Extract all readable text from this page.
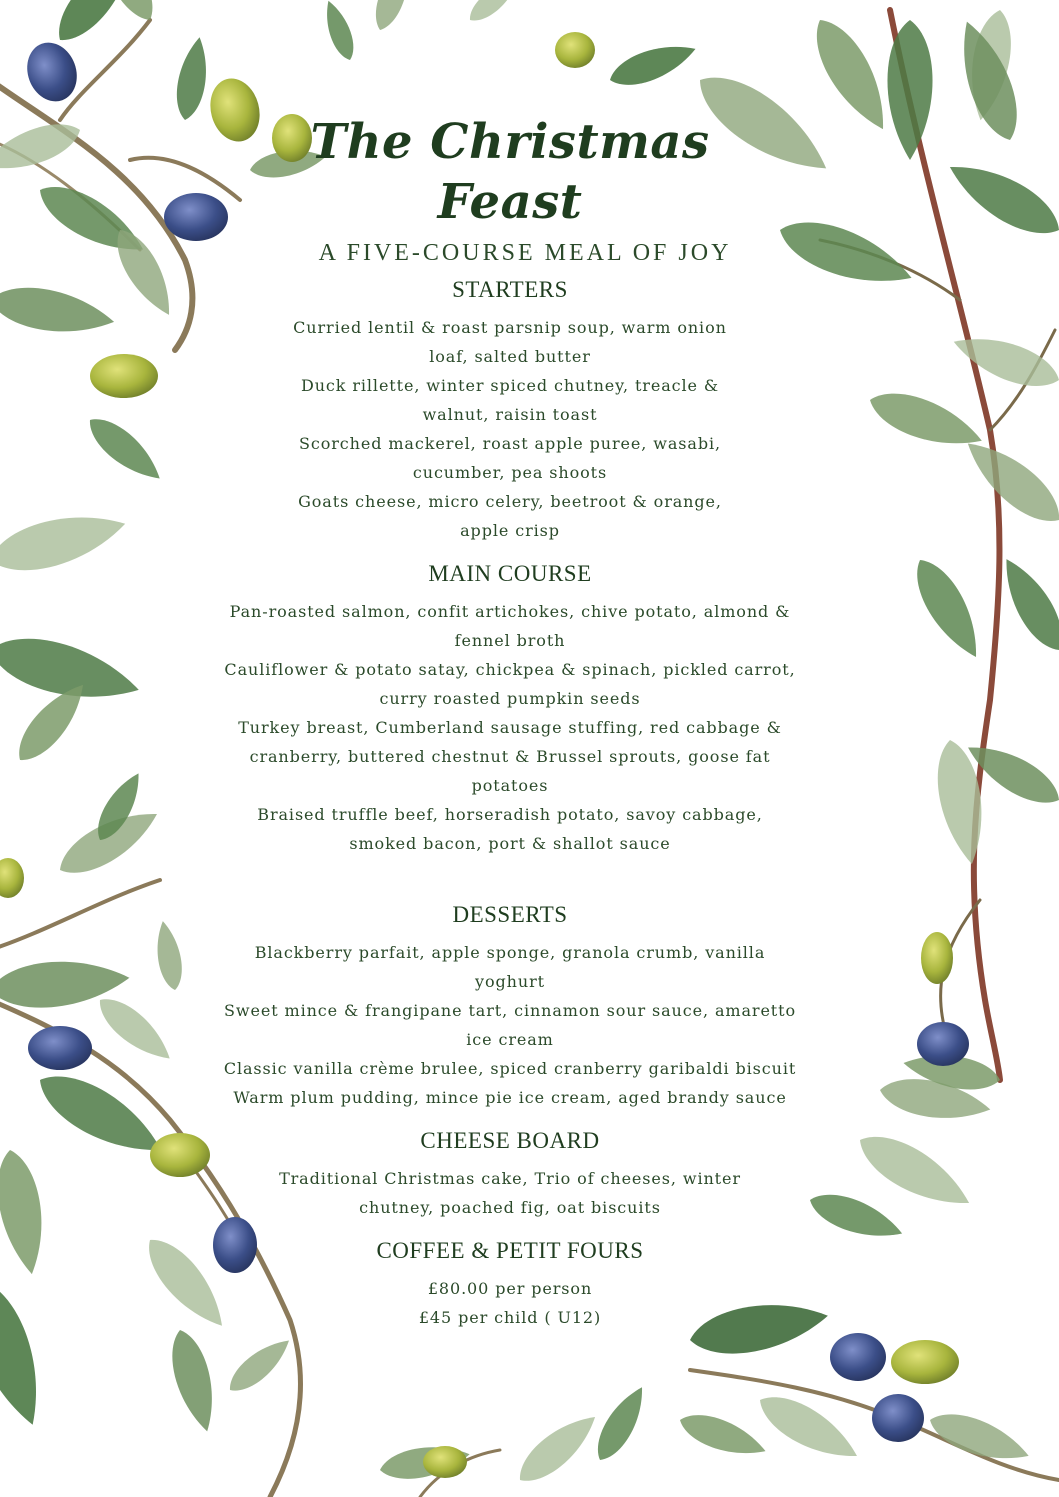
The Christmas
Feast
A FIVE-COURSE MEAL OF JOY
STARTERS

Curried lentil & roast parsnip soup, warm onion

loaf, salted butter

Duck rillette, winter spiced chutney, treacle &

walnut, raisin toast

Scorched mackerel, roast apple puree, wasabi,

cucumber, pea shoots

Goats cheese, micro celery, beetroot & orange,

apple crisp

MAIN COURSE

Pan-roasted salmon, confit artichokes, chive potato, almond &

fennel broth

Cauliflower & potato satay, chickpea & spinach, pickled carrot,

curry roasted pumpkin seeds

Turkey breast, Cumberland sausage stuffing, red cabbage &

cranberry, buttered chestnut & Brussel sprouts, goose fat

potatoes

Braised truffle beef, horseradish potato, savoy cabbage,

smoked bacon, port & shallot sauce

DESSERTS

Blackberry parfait, apple sponge, granola crumb, vanilla

yoghurt

Sweet mince & frangipane tart, cinnamon sour sauce, amaretto

ice cream

Classic vanilla crème brulee, spiced cranberry garibaldi biscuit

Warm plum pudding, mince pie ice cream, aged brandy sauce

CHEESE BOARD

Traditional Christmas cake, Trio of cheeses, winter

chutney, poached fig, oat biscuits

COFFEE & PETIT FOURS

£80.00 per person

£45 per child ( U12)
